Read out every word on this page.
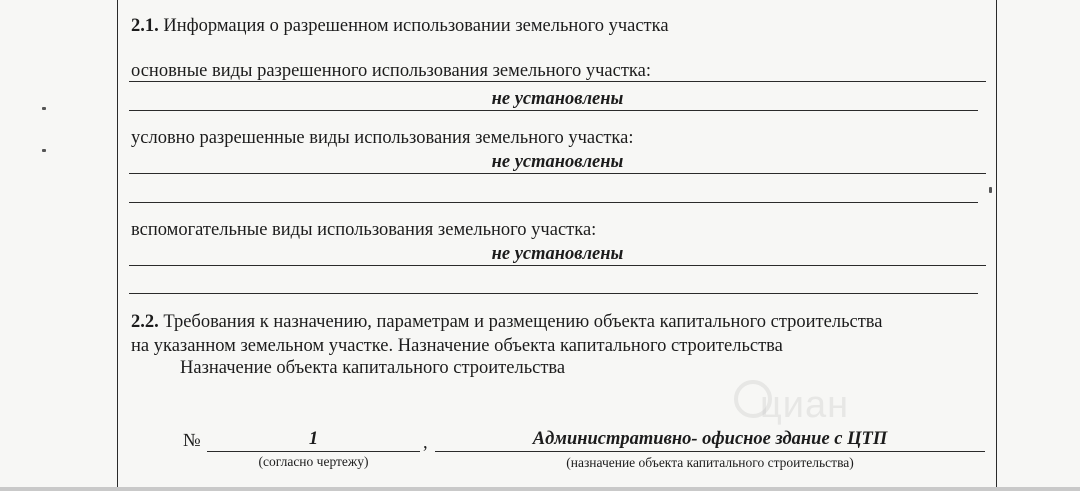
2.1. Информация о разрешенном использовании земельного участка
основные виды разрешенного использования земельного участка:
не установлены
условно разрешенные виды использования земельного участка:
не установлены
вспомогательные виды использования земельного участка:
не установлены
2.2. Требования к назначению, параметрам и размещению объекта капитального строительства
на указанном земельном участке. Назначение объекта капитального строительства
Назначение объекта капитального строительства
циан
№	1	,	Административно- офисное здание с ЦТП
(согласно чертежу)	(назначение объекта капитального строительства)
